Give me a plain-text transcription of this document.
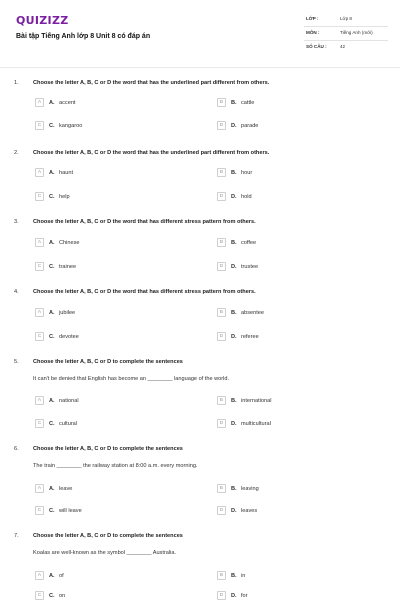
QUIZIZZ
Bài tập Tiếng Anh lớp 8 Unit 8 có đáp án
LỚP :	Lớp 8
MÔN :	Tiếng Anh (mới)
SỐ CÂU :	42
1.	Choose the letter A, B, C or D the word that has the underlined part different from others.
A	A. accent	B	B. cattle
C	C. kangaroo	D	D. parade
2.	Choose the letter A, B, C or D the word that has the underlined part different from others.
A	A. haunt	B	B. hour
C	C. help	D	D. hold
3.	Choose the letter A, B, C or D the word that has different stress pattern from others.
A	A. Chinese	B	B. coffee
C	C. trainee	D	D. trustee
4.	Choose the letter A, B, C or D the word that has different stress pattern from others.
A	A. jubilee	B	B. absentee
C	C. devotee	D	D. referee
5.	Choose the letter A, B, C or D to complete the sentences
It can't be denied that English has become an ________ language of the world.
A	A. national	B	B. international
C	C. cultural	D	D. multicultural
6.	Choose the letter A, B, C or D to complete the sentences
The train ________ the railway station at 8:00 a.m. every morning.
A	A. leave	B	B. leaving
C	C. will leave	D	D. leaves
7.	Choose the letter A, B, C or D to complete the sentences
Koalas are well-known as the symbol ________ Australia.
A	A. of	B	B. in
C	C. on	D	D. for
